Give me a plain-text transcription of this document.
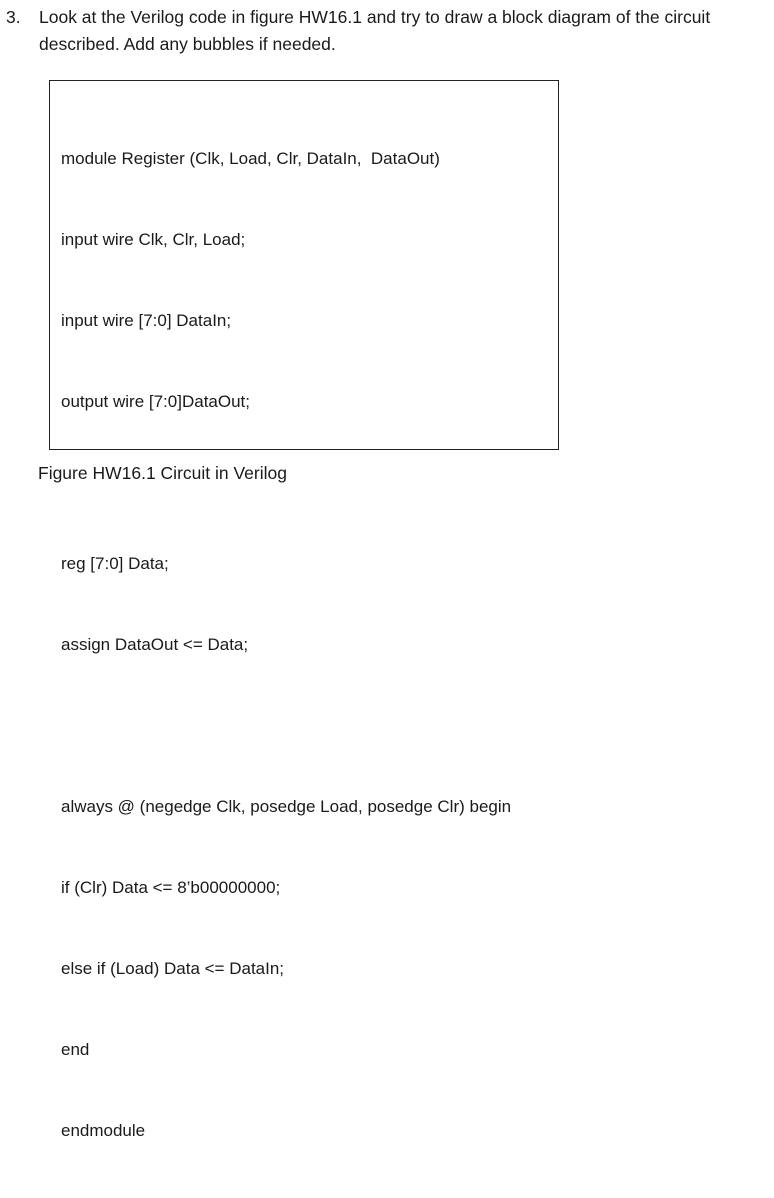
3.	Look at the Verilog code in figure HW16.1 and try to draw a block diagram of the circuit
described. Add any bubbles if needed.

module Register (Clk, Load, Clr, DataIn,  DataOut)

input wire Clk, Clr, Load;

input wire [7:0] DataIn;

output wire [7:0]DataOut;

reg [7:0] Data;

assign DataOut <= Data;

always @ (negedge Clk, posedge Load, posedge Clr) begin

if (Clr) Data <= 8’b00000000;

else if (Load) Data <= DataIn;

end

endmodule

Figure HW16.1 Circuit in Verilog
